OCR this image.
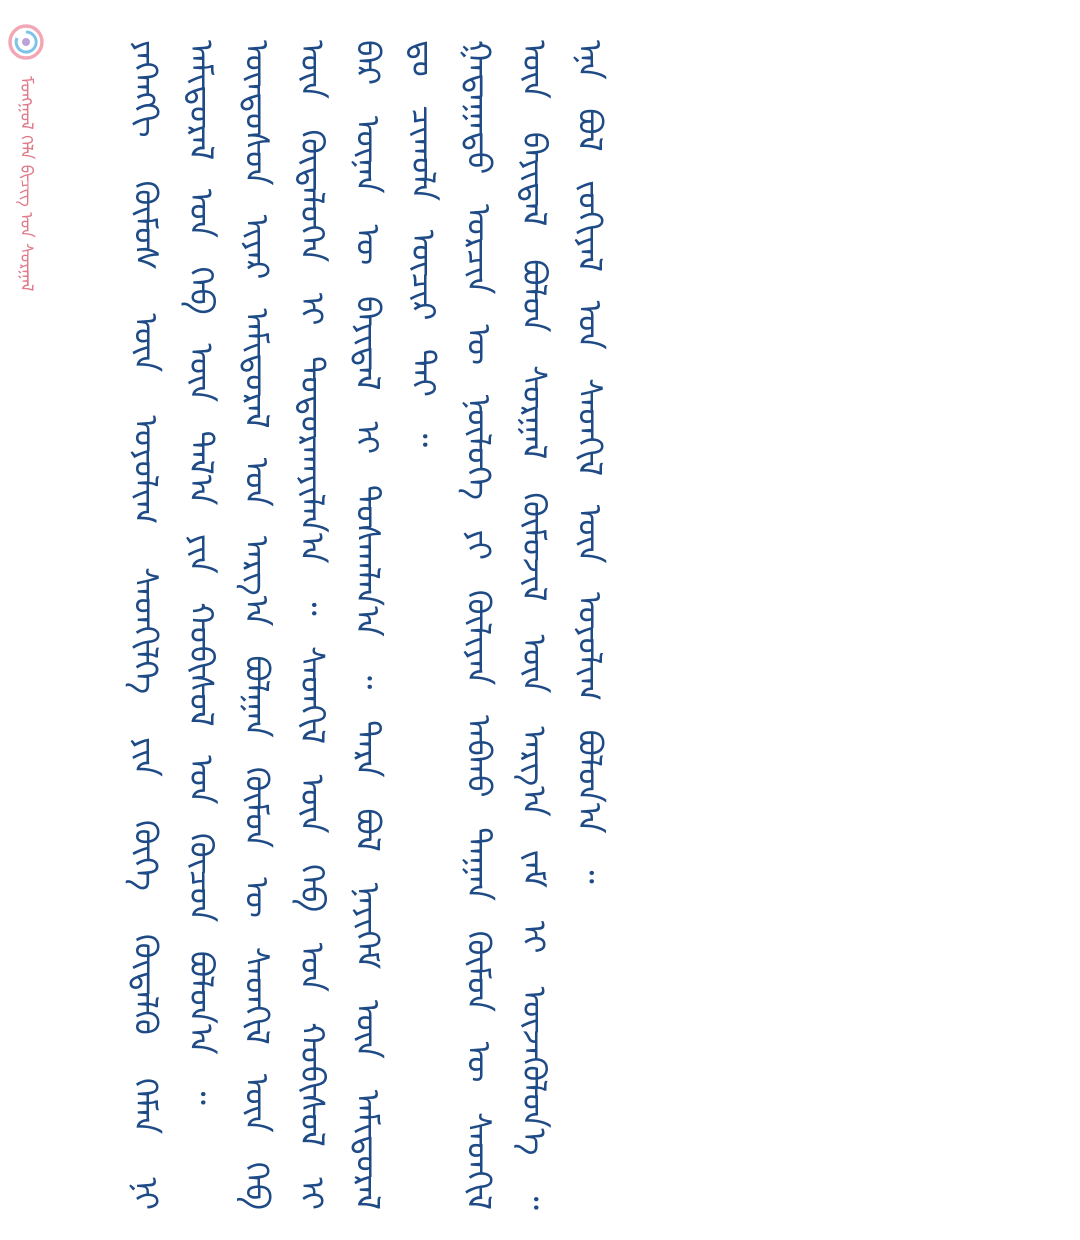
ᠮᠣᠩᠭᠣᠯ ᠬᠡᠯᠡ ᠪᠢᠴᠢᠭ ᠤᠨ ᠰᠤᠷᠭᠠᠯ	ᠶᠡᠬᠡᠩᠬᠢ ᠬᠦᠮᠦᠰ ᠦᠨ ᠤᠶᠤᠯᠢᠭ ᠰᠡᠳᠬᠢᠯᠭᠡ ᠶᠢᠨ ᠬᠥᠬᠡ ᠬᠦᠳᠡᠯᠬᠦ ᠬᠡᠮᠡᠨ ᠨᠢ ᠠᠮᠢᠳᠤᠷᠠᠯ ᠤᠨ ᠬᠡᠪ ᠦᠨ ᠲᠠᠯ᠎ᠠ ᠶᠢᠨ ᠬᠤᠪᠢᠰᠤᠯ ᠤᠨ ᠬᠦᠴᠦᠨ ᠪᠣᠯᠤᠨ᠎ᠠ ᠃ ᠦᠨᠳᠦᠰᠦᠨ ᠢᠶᠡᠷ ᠠᠮᠢᠳᠤᠷᠠᠯ ᠤᠨ ᠠᠷᠭ᠎ᠠ ᠪᠣᠯᠭᠠᠨ ᠬᠦᠮᠦᠨ ᠦ ᠰᠡᠳᠬᠢᠯ ᠦᠨ ᠬᠡᠪ ᠦᠨ ᠬᠥᠳᠡᠯᠦᠭᠡᠨ ᠢ ᠲᠣᠳᠣᠷᠬᠠᠶᠢᠯᠠᠨ᠎ᠠ ᠃ ᠰᠡᠳᠬᠢᠯ ᠦᠨ ᠬᠡᠪ ᠤᠨ ᠬᠤᠪᠢᠰᠤᠯ ᠢ ᠪᠠᠷ ᠦᠨᠡᠨ ᠦ ᠪᠠᠶᠢᠳᠠᠯ ᠢ ᠲᠤᠰᠬᠠᠯᠠᠨ᠎ᠠ ᠃ ᠲᠡᠷᠡ ᠪᠣᠯ ᠨᠡᠶᠢᠭᠡᠮ ᠦᠨ ᠠᠮᠢᠳᠤᠷᠠᠯ ᠳᠤ ᠴᠢᠬᠤᠯᠠ ᠦᠴᠢᠷ ᠲᠠᠶ ᠃ ᠭᠠᠳᠠᠭᠠᠳᠤ ᠣᠷᠴᠢᠨ ᠦ ᠨᠥᠯᠦᠭᠡ ᠶᠢ ᠬᠦᠯᠢᠶᠡᠨ ᠠᠪᠬᠤ ᠳᠠᠭᠠᠨ ᠬᠦᠮᠦᠨ ᠦ ᠰᠡᠳᠬᠢᠯ ᠦᠨ ᠪᠠᠶᠢᠳᠠᠯ ᠪᠣᠯᠤᠨ ᠰᠤᠷᠭᠠᠯ ᠬᠥᠮᠦᠵᠢᠯ ᠦᠨ ᠠᠷᠭ᠎ᠠ ᠵᠠᠮ ᠢ ᠦᠵᠡᠭᠦᠯᠦᠨ᠎ᠡ ᠃ ᠡᠨᠡ ᠪᠣᠯ ᠵᠣᠬᠢᠶᠠᠯ ᠤᠨ ᠰᠡᠳᠬᠢᠯ ᠦᠨ ᠤᠶᠤᠯᠢᠭ ᠪᠣᠯᠤᠨ᠎ᠠ ᠃
